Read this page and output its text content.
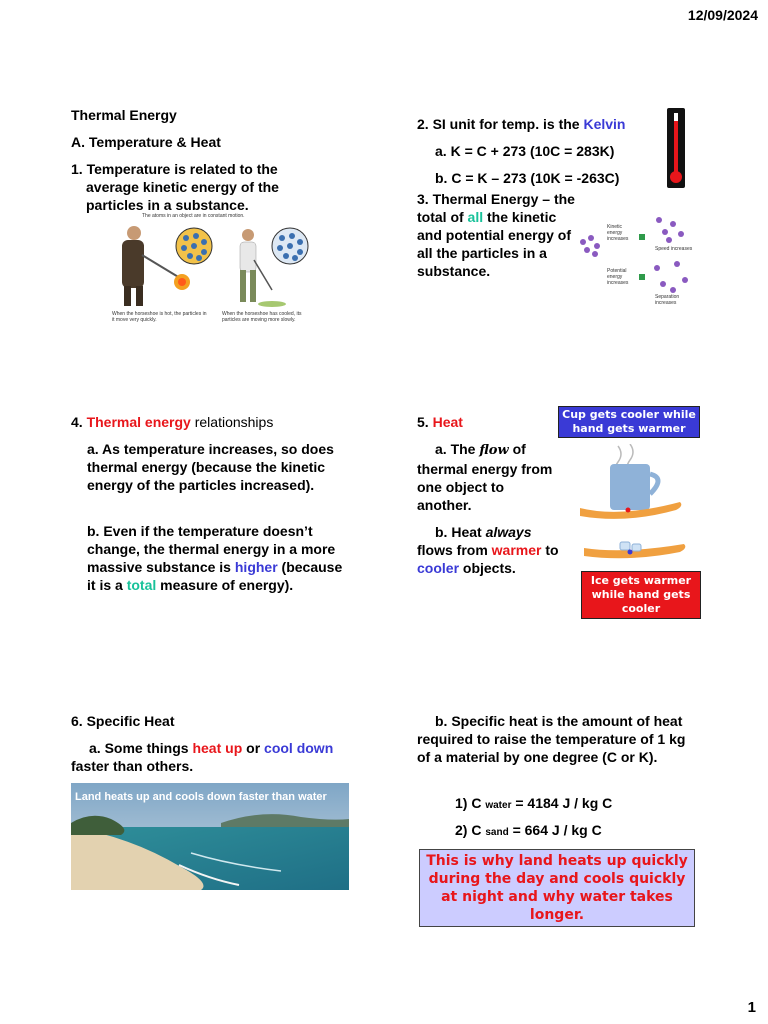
12/09/2024
1
Thermal Energy
A. Temperature & Heat
1. Temperature is related to the average kinetic energy of the particles in a substance.
The atoms in an object are in constant motion.
When the horseshoe is hot, the particles in it move very quickly.
When the horseshoe has cooled, its particles are moving more slowly.
2. SI unit for temp. is the Kelvin
a. K = C + 273 (10C = 283K)
b. C = K – 273 (10K = -263C)
3. Thermal Energy – the total of all the kinetic and potential energy of all the particles in a substance.
Kinetic energy increases
Speed increases
Potential energy increases
Separation increases
4. Thermal energy relationships
a. As temperature increases, so does thermal energy (because the kinetic energy of the particles increased).
b. Even if the temperature doesn’t change, the thermal energy in a more massive substance is higher (because it is a total measure of energy).
5. Heat
a. The flow of thermal energy from one object to another.
b. Heat always flows from warmer to cooler objects.
Cup gets cooler while hand gets warmer
Ice gets warmer while hand gets cooler
6. Specific Heat
a. Some things heat up or cool down faster than others.
Land heats up and cools down faster than water
b. Specific heat is the amount of heat required to raise the temperature of 1 kg of a material by one degree (C or K).
1) C water = 4184 J / kg C
2) C sand = 664 J / kg C
This is why land heats up quickly during the day and cools quickly at night and why water takes longer.
